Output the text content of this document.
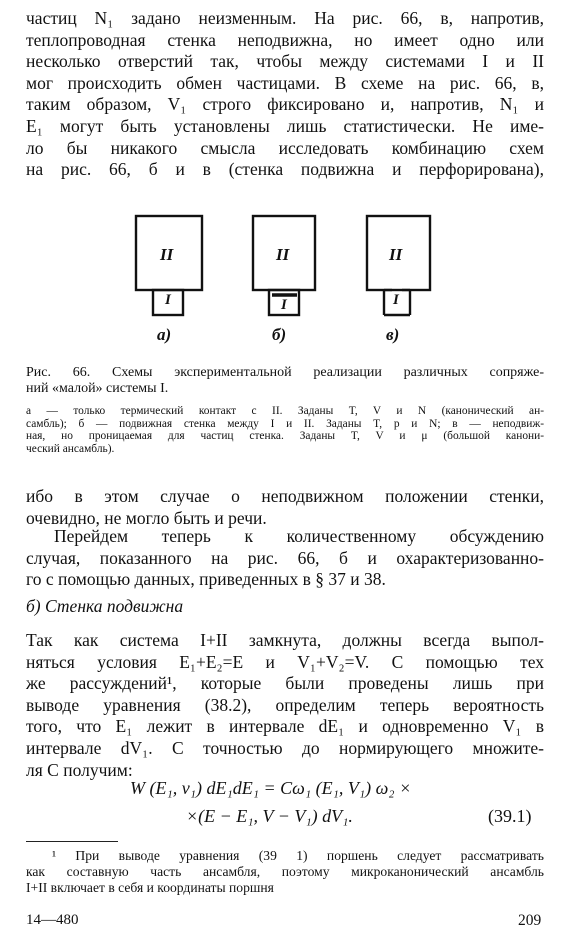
частиц N₁ задано неизменным. На рис. 66, в, напротив,
теплопроводная стенка неподвижна, но имеет одно или
несколько отверстий так, чтобы между системами I и II
мог происходить обмен частицами. В схеме на рис. 66, в,
таким образом, V₁ строго фиксировано и, напротив, N₁ и
E₁ могут быть установлены лишь статистически. Не име-
ло бы никакого смысла исследовать комбинацию схем
на рис. 66, б и в (стенка подвижна и перфорирована),
II	II	II
I	I	I
a)	б)	в)
Рис. 66. Схемы экспериментальной реализации различных сопряже-
ний «малой» системы I.
а — только термический контакт с II. Заданы T, V и N (канонический ан-
самбль); б — подвижная стенка между I и II. Заданы T, p и N; в — неподвиж-
ная, но проницаемая для частиц стенка. Заданы T, V и μ (большой канони-
ческий ансамбль).
ибо в этом случае о неподвижном положении стенки,
очевидно, не могло быть и речи.
Перейдем теперь к количественному обсуждению
случая, показанного на рис. 66, б и охарактеризованно-
го с помощью данных, приведенных в § 37 и 38.
б) Стенка подвижна
Так как система I+II замкнута, должны всегда выпол-
няться условия E₁+E₂=E и V₁+V₂=V. С помощью тех
же рассуждений¹, которые были проведены лишь при
выводе уравнения (38.2), определим теперь вероятность
того, что E₁ лежит в интервале dE₁ и одновременно V₁ в
интервале dV₁. С точностью до нормирующего множите-
ля C получим:
W (E₁, v₁) dE₁dE₁ = Cω₁ (E₁, V₁) ω₂ ×
×(E − E₁, V − V₁) dV₁.	(39.1)
¹ При выводе уравнения (39 1) поршень следует рассматривать
как составную часть ансамбля, поэтому микроканонический ансамбль
I+II включает в себя и координаты поршня
14—480	209
